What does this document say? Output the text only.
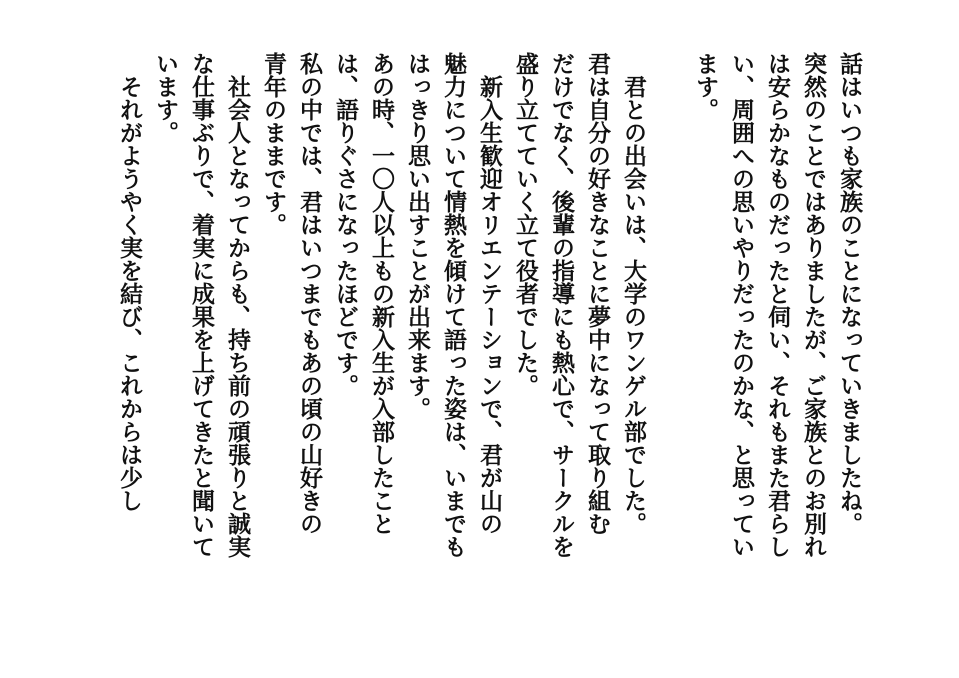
話はいつも家族のことになっていきましたね。
突然のことではありましたが、ご家族とのお別れ
は安らかなものだったと伺い、それもまた君らし
い、周囲への思いやりだったのかな、と思ってい
ます。

　君との出会いは、大学のワンゲル部でした。
君は自分の好きなことに夢中になって取り組む
だけでなく、後輩の指導にも熱心で、サークルを
盛り立てていく立て役者でした。
　新入生歓迎オリエンテーションで、君が山の
魅力について情熱を傾けて語った姿は、いまでも
はっきり思い出すことが出来ます。
あの時、一〇人以上もの新入生が入部したこと
は、語りぐさになったほどです。
私の中では、君はいつまでもあの頃の山好きの
青年のままです。
　社会人となってからも、持ち前の頑張りと誠実
な仕事ぶりで、着実に成果を上げてきたと聞いて
います。
　それがようやく実を結び、これからは少し
